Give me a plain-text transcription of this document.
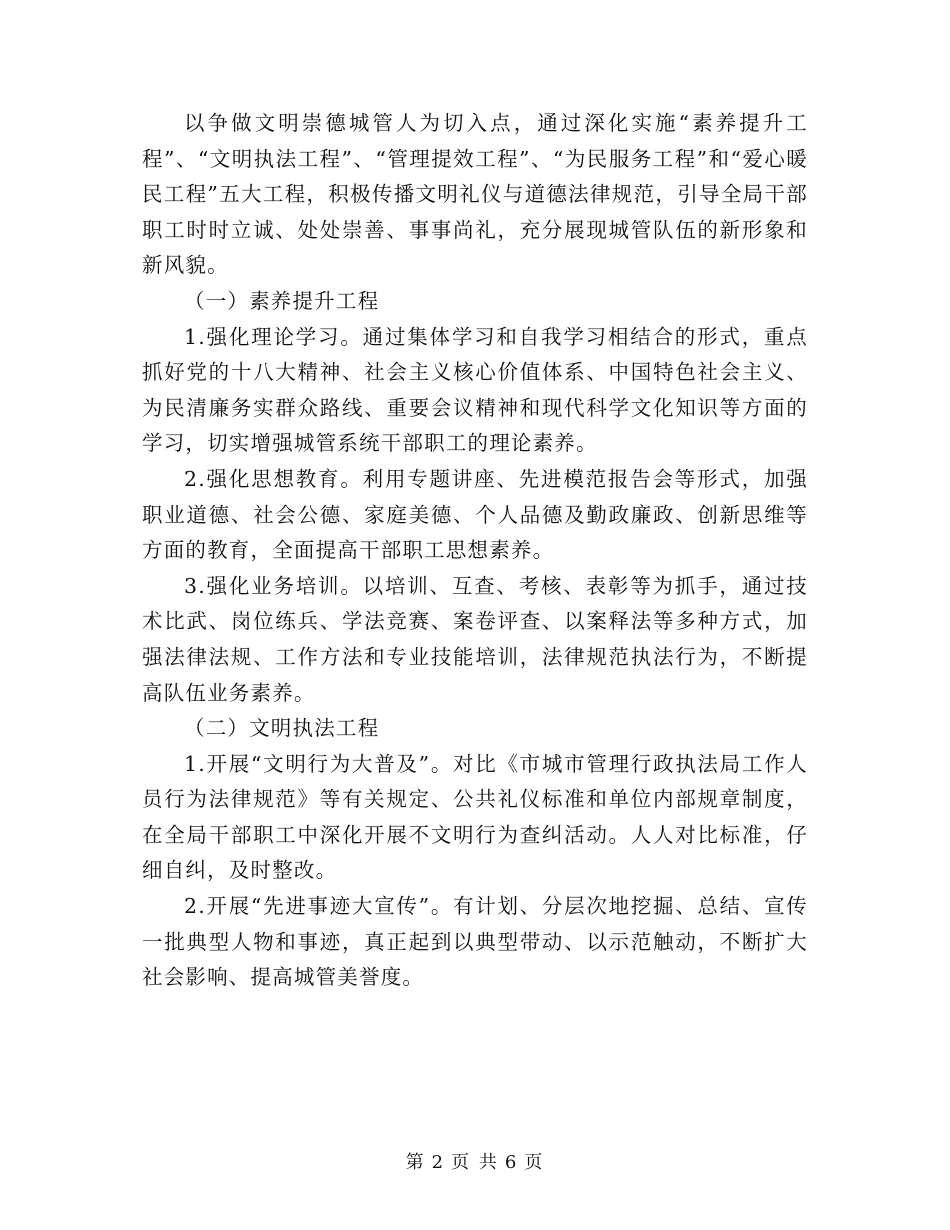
以争做文明崇德城管人为切入点，通过深化实施“素养提升工程”、“文明执法工程”、“管理提效工程”、“为民服务工程”和“爱心暖民工程”五大工程，积极传播文明礼仪与道德法律规范，引导全局干部职工时时立诚、处处崇善、事事尚礼，充分展现城管队伍的新形象和新风貌。

（一）素养提升工程

1.强化理论学习。通过集体学习和自我学习相结合的形式，重点抓好党的十八大精神、社会主义核心价值体系、中国特色社会主义、为民清廉务实群众路线、重要会议精神和现代科学文化知识等方面的学习，切实增强城管系统干部职工的理论素养。

2.强化思想教育。利用专题讲座、先进模范报告会等形式，加强职业道德、社会公德、家庭美德、个人品德及勤政廉政、创新思维等方面的教育，全面提高干部职工思想素养。

3.强化业务培训。以培训、互查、考核、表彰等为抓手，通过技术比武、岗位练兵、学法竞赛、案卷评查、以案释法等多种方式，加强法律法规、工作方法和专业技能培训，法律规范执法行为，不断提高队伍业务素养。

（二）文明执法工程

1.开展“文明行为大普及”。对比《市城市管理行政执法局工作人员行为法律规范》等有关规定、公共礼仪标准和单位内部规章制度，在全局干部职工中深化开展不文明行为查纠活动。人人对比标准，仔细自纠，及时整改。

2.开展“先进事迹大宣传”。有计划、分层次地挖掘、总结、宣传一批典型人物和事迹，真正起到以典型带动、以示范触动，不断扩大社会影响、提高城管美誉度。

第 2 页 共 6 页
